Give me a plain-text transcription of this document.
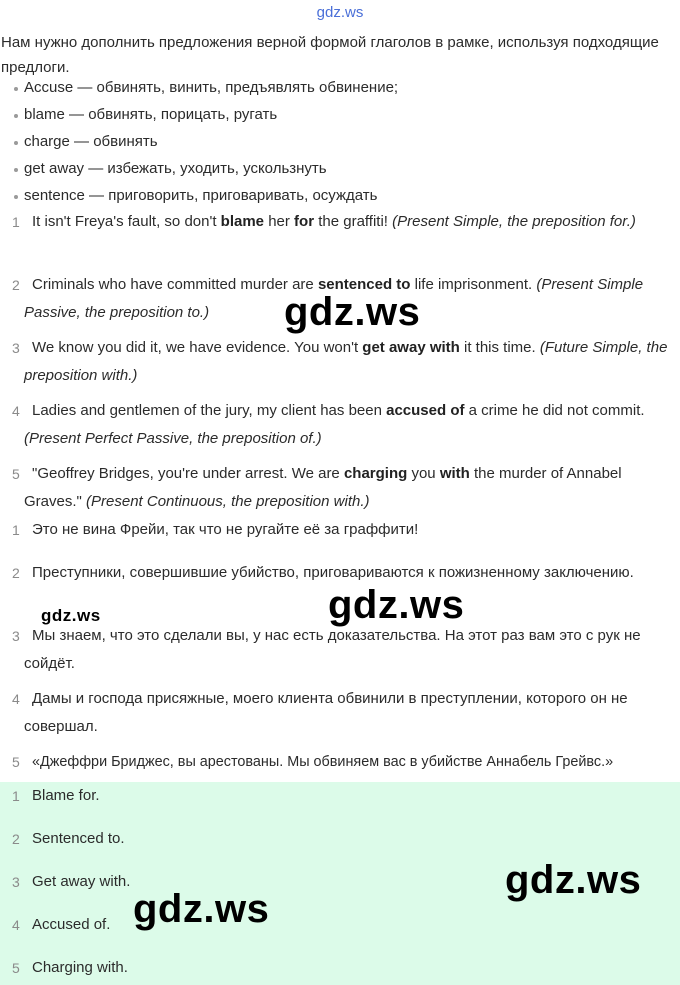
gdz.ws
Нам нужно дополнить предложения верной формой глаголов в рамке, используя подходящие предлоги.
Accuse — обвинять, винить, предъявлять обвинение;
blame — обвинять, порицать, ругать
charge — обвинять
get away — избежать, уходить, ускользнуть
sentence — приговорить, приговаривать, осуждать
1 It isn't Freya's fault, so don't blame her for the graffiti! (Present Simple, the preposition for.)
2 Criminals who have committed murder are sentenced to life imprisonment. (Present Simple Passive, the preposition to.)
3 We know you did it, we have evidence. You won't get away with it this time. (Future Simple, the preposition with.)
4 Ladies and gentlemen of the jury, my client has been accused of a crime he did not commit. (Present Perfect Passive, the preposition of.)
5 "Geoffrey Bridges, you're under arrest. We are charging you with the murder of Annabel Graves." (Present Continuous, the preposition with.)
1 Это не вина Фрейи, так что не ругайте её за граффити!
2 Преступники, совершившие убийство, приговариваются к пожизненному заключению.
3 Мы знаем, что это сделали вы, у нас есть доказательства. На этот раз вам это с рук не сойдёт.
4 Дамы и господа присяжные, моего клиента обвинили в преступлении, которого он не совершал.
5 «Джеффри Бриджес, вы арестованы. Мы обвиняем вас в убийстве Аннабель Грейвс.»
1 Blame for.
2 Sentenced to.
3 Get away with.
4 Accused of.
5 Charging with.
gdz.ws
gdz.ws
gdz.ws
gdz.ws
gdz.ws
